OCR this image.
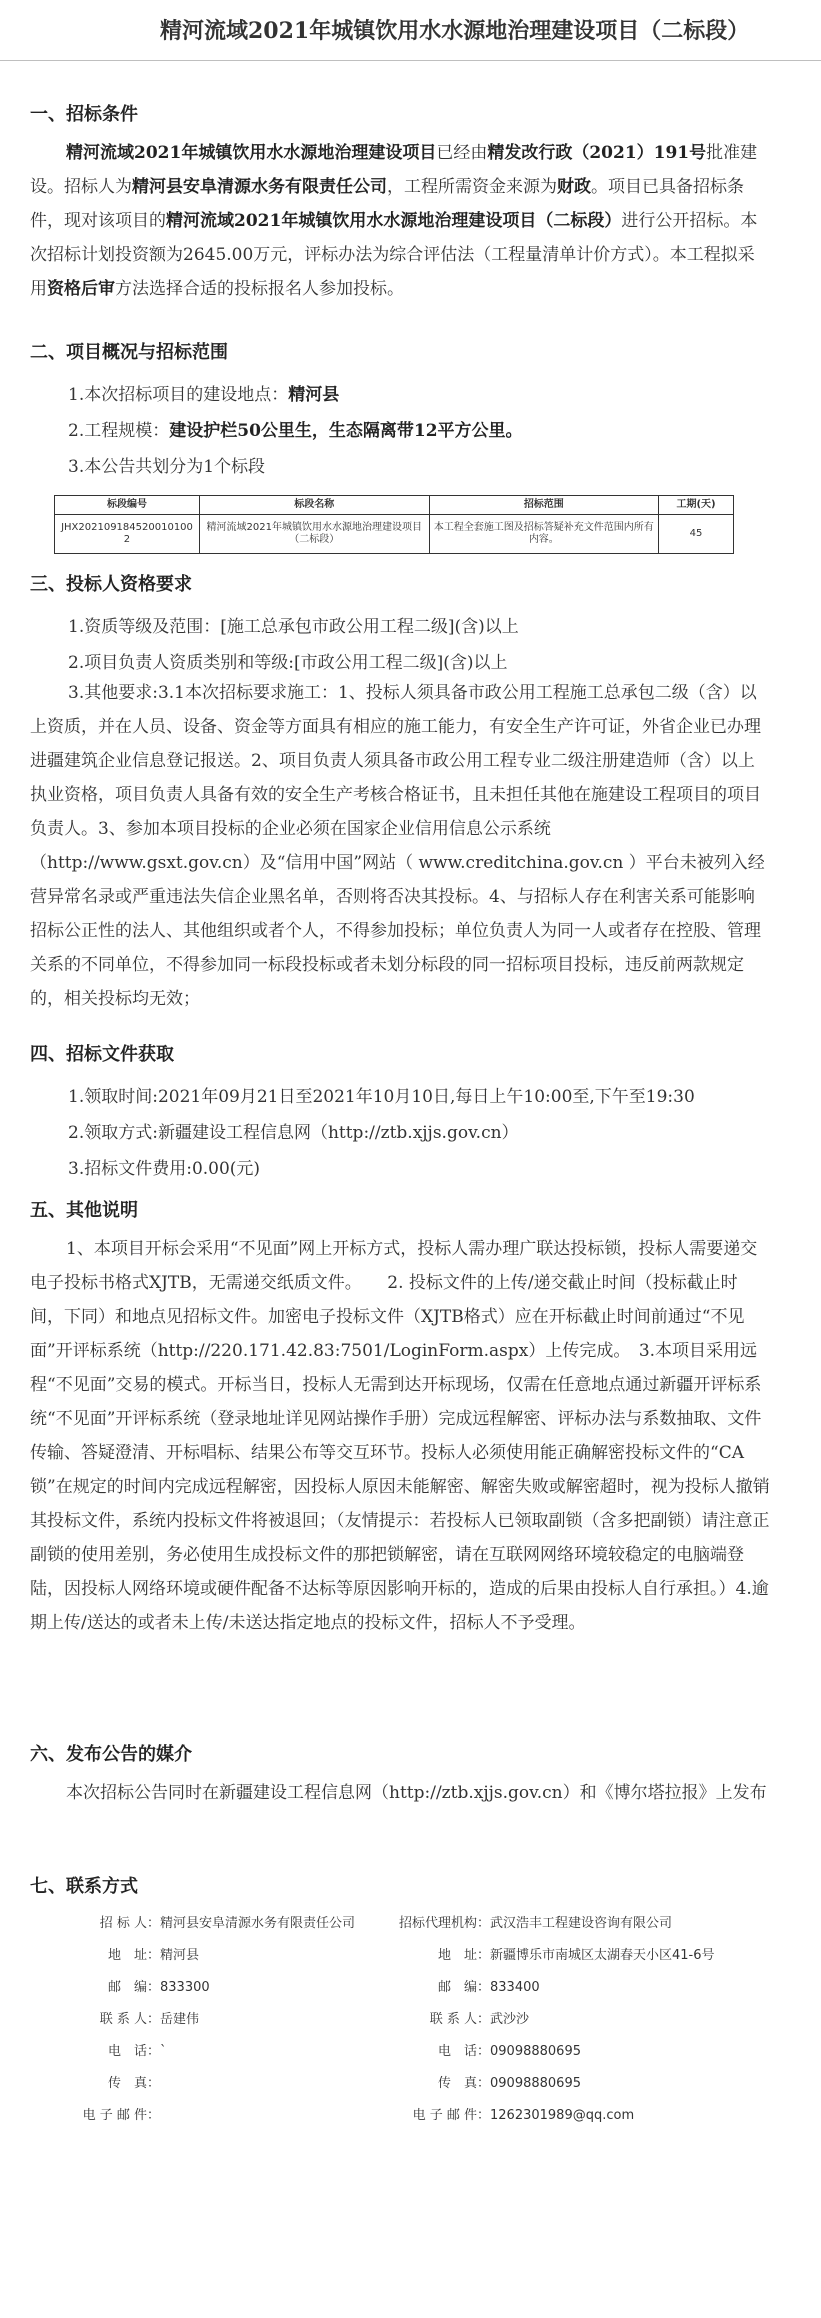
精河流域2021年城镇饮用水水源地治理建设项目（二标段）
一、招标条件
精河流域2021年城镇饮用水水源地治理建设项目已经由精发改行政（2021）191号批准建设。招标人为精河县安阜清源水务有限责任公司，工程所需资金来源为财政。项目已具备招标条件，现对该项目的精河流域2021年城镇饮用水水源地治理建设项目（二标段）进行公开招标。本次招标计划投资额为2645.00万元，评标办法为综合评估法（工程量清单计价方式）。本工程拟采用资格后审方法选择合适的投标报名人参加投标。
二、项目概况与招标范围
1.本次招标项目的建设地点：精河县
2.工程规模：建设护栏50公里生，生态隔离带12平方公里。
3.本公告共划分为1个标段
标段编号	标段名称	招标范围	工期(天)
JHX202109184520010100​2	精河流域2021年城镇饮用水水源地治理建设项目（二标段）	本工程全套施工图及招标答疑补充文件范围内所有内容。	45
三、投标人资格要求
1.资质等级及范围：[施工总承包市政公用工程二级](含)以上
2.项目负责人资质类别和等级:[市政公用工程二级](含)以上
3.其他要求:3.1本次招标要求施工：1、投标人须具备市政公用工程施工总承包二级（含）以上资质，并在人员、设备、资金等方面具有相应的施工能力，有安全生产许可证，外省企业已办理进疆建筑企业信息登记报送。2、项目负责人须具备市政公用工程专业二级注册建造师（含）以上执业资格，项目负责人具备有效的安全生产考核合格证书，且未担任其他在施建设工程项目的项目负责人。3、参加本项目投标的企业必须在国家企业信用信息公示系统（http://www.gsxt.gov.cn）及“信用中国”网站（ www.creditchina.gov.cn ）平台未被列入经营异常名录或严重违法失信企业黑名单，否则将否决其投标。4、与招标人存在利害关系可能影响招标公正性的法人、其他组织或者个人，不得参加投标；单位负责人为同一人或者存在控股、管理关系的不同单位，不得参加同一标段投标或者未划分标段的同一招标项目投标，违反前两款规定的，相关投标均无效；
四、招标文件获取
1.领取时间:2021年09月21日至2021年10月10日,每日上午10:00至,下午至19:30
2.领取方式:新疆建设工程信息网（http://ztb.xjjs.gov.cn）
3.招标文件费用:0.00(元)
五、其他说明
1、本项目开标会采用“不见面”网上开标方式，投标人需办理广联达投标锁，投标人需要递交电子投标书格式XJTB，无需递交纸质文件。　　2. 投标文件的上传/递交截止时间（投标截止时间，下同）和地点见招标文件。加密电子投标文件（XJTB格式）应在开标截止时间前通过“不见面”开评标系统（http://220.171.42.83:7501/LoginForm.aspx）上传完成。　3.本项目采用远程“不见面”交易的模式。开标当日，投标人无需到达开标现场，仅需在任意地点通过新疆开评标系统“不见面”开评标系统（登录地址详见网站操作手册）完成远程解密、评标办法与系数抽取、文件传输、答疑澄清、开标唱标、结果公布等交互环节。投标人必须使用能正确解密投标文件的“CA锁”在规定的时间内完成远程解密，因投标人原因未能解密、解密失败或解密超时，视为投标人撤销其投标文件，系统内投标文件将被退回；（友情提示：若投标人已领取副锁（含多把副锁）请注意正副锁的使用差别，务必使用生成投标文件的那把锁解密，请在互联网网络环境较稳定的电脑端登陆，因投标人网络环境或硬件配备不达标等原因影响开标的，造成的后果由投标人自行承担。）4.逾期上传/送达的或者未上传/未送达指定地点的投标文件，招标人不予受理。
六、发布公告的媒介
本次招标公告同时在新疆建设工程信息网（http://ztb.xjjs.gov.cn）和《博尔塔拉报》上发布
七、联系方式
招 标 人：精河县安阜清源水务有限责任公司
地　址：精河县
邮　编：833300
联 系 人：岳建伟
电　话：`
传　真：
电 子 邮 件：
招标代理机构：武汉浩丰工程建设咨询有限公司
地　址：新疆博乐市南城区太湖春天小区41-6号
邮　编：833400
联 系 人：武沙沙
电　话：09098880695
传　真：09098880695
电 子 邮 件：1262301989@qq.com
